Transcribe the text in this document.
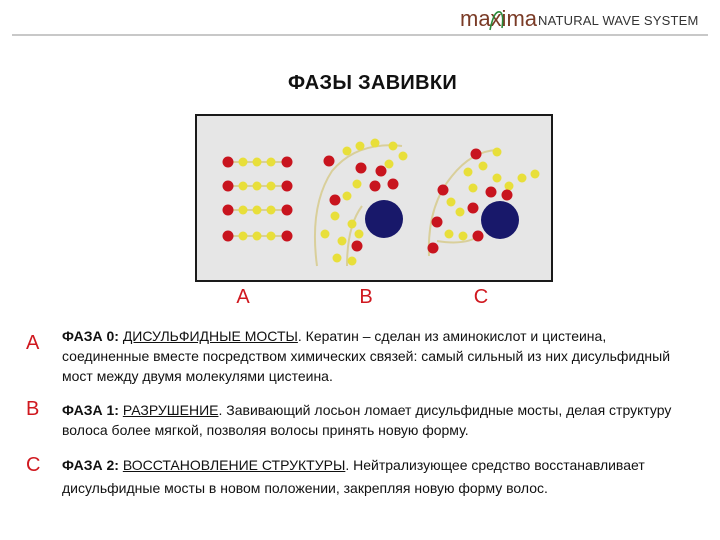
maxima NATURAL WAVE SYSTEM
ФАЗЫ ЗАВИВКИ
A	B	C
A ФАЗА 0: ДИСУЛЬФИДНЫЕ МОСТЫ. Кератин – сделан из аминокислот и цистеина, соединенные вместе посредством химических связей: самый сильный из них дисульфидный мост между двумя молекулями цистеина.
B ФАЗА 1: РАЗРУШЕНИЕ. Завивающий лосьон ломает дисульфидные мосты, делая структуру волоса более мягкой, позволяя волосы принять новую форму.
C ФАЗА 2: ВОССТАНОВЛЕНИЕ СТРУКТУРЫ. Нейтрализующее средство восстанавливает дисульфидные мосты в новом положении, закрепляя новую форму волос.
